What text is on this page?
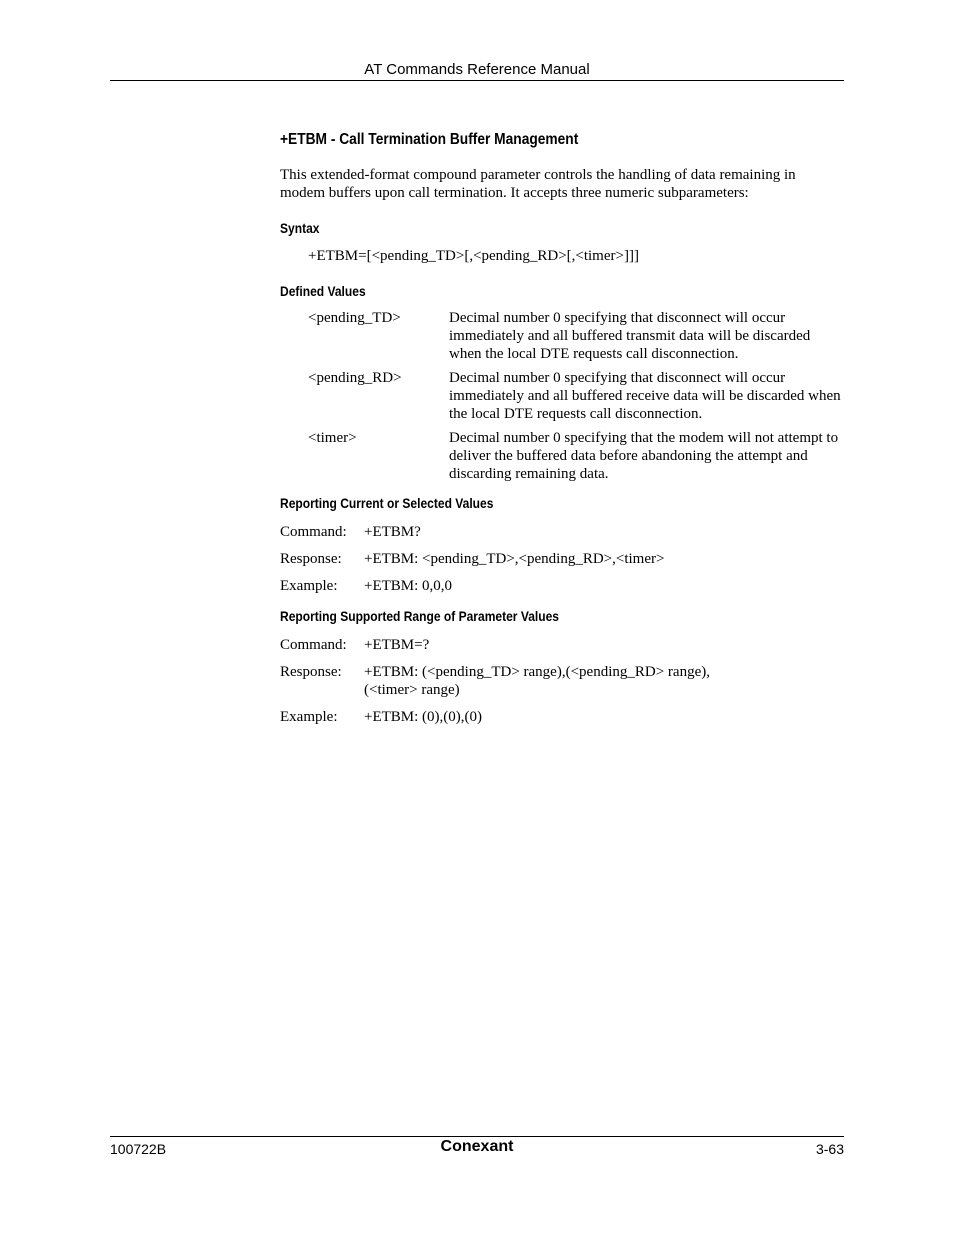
AT Commands Reference Manual
+ETBM - Call Termination Buffer Management

This extended-format compound parameter controls the handling of data remaining in modem buffers upon call termination. It accepts three numeric subparameters:

Syntax
+ETBM=[<pending_TD>[,<pending_RD>[,<timer>]]]
Defined Values
<pending_TD>	Decimal number 0 specifying that disconnect will occur immediately and all buffered transmit data will be discarded when the local DTE requests call disconnection.
<pending_RD>	Decimal number 0 specifying that disconnect will occur immediately and all buffered receive data will be discarded when the local DTE requests call disconnection.
<timer>	Decimal number 0 specifying that the modem will not attempt to deliver the buffered data before abandoning the attempt and discarding remaining data.
Reporting Current or Selected Values
Command:	+ETBM?
Response:	+ETBM: <pending_TD>,<pending_RD>,<timer>
Example:	+ETBM: 0,0,0
Reporting Supported Range of Parameter Values
Command:	+ETBM=?
Response:	+ETBM: (<pending_TD> range),(<pending_RD> range),
(<timer> range)
Example:	+ETBM: (0),(0),(0)
100722B	Conexant	3-63
